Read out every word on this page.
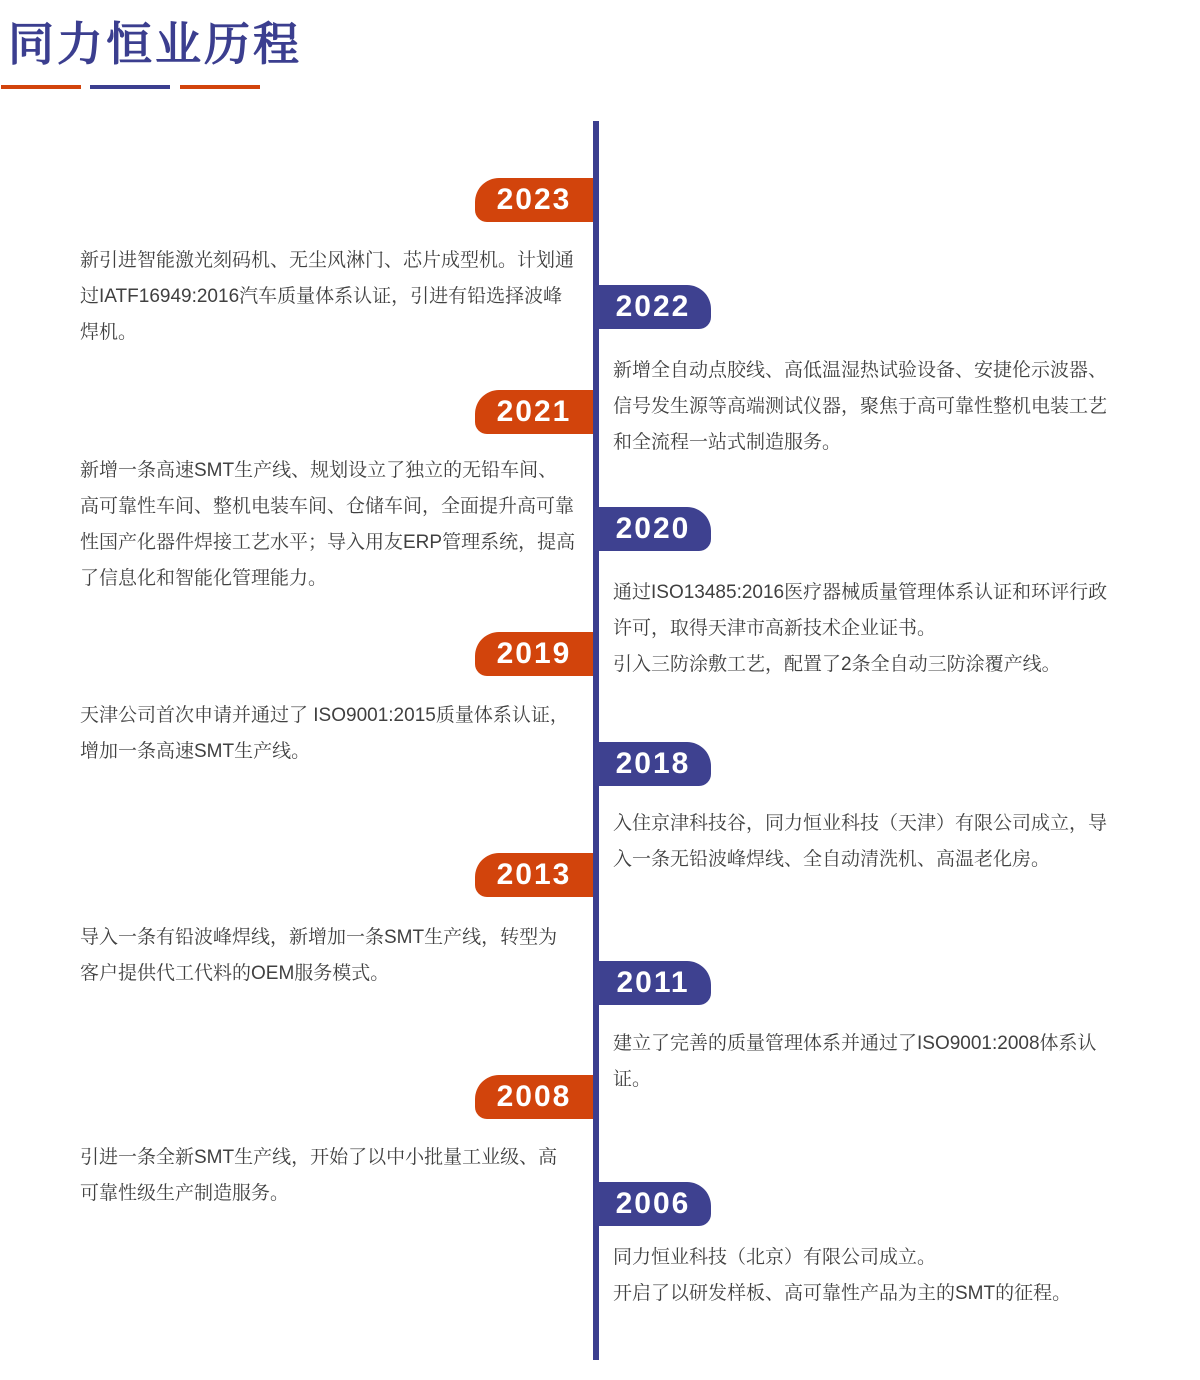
同力恒业历程
2023
新引进智能激光刻码机、无尘风淋门、芯片成型机。计划通过IATF16949:2016汽车质量体系认证，引进有铅选择波峰焊机。
2022
新增全自动点胶线、高低温湿热试验设备、安捷伦示波器、信号发生源等高端测试仪器，聚焦于高可靠性整机电装工艺和全流程一站式制造服务。
2021
新增一条高速SMT生产线、规划设立了独立的无铅车间、高可靠性车间、整机电装车间、仓储车间，全面提升高可靠性国产化器件焊接工艺水平；导入用友ERP管理系统，提高了信息化和智能化管理能力。
2020
通过ISO13485:2016医疗器械质量管理体系认证和环评行政许可，取得天津市高新技术企业证书。
引入三防涂敷工艺，配置了2条全自动三防涂覆产线。
2019
天津公司首次申请并通过了 ISO9001:2015质量体系认证，增加一条高速SMT生产线。	2018
入住京津科技谷，同力恒业科技（天津）有限公司成立，导入一条无铅波峰焊线、全自动清洗机、高温老化房。
2013
导入一条有铅波峰焊线，新增加一条SMT生产线，转型为客户提供代工代料的OEM服务模式。	2011
建立了完善的质量管理体系并通过了ISO9001:2008体系认证。
2008
引进一条全新SMT生产线，开始了以中小批量工业级、高可靠性级生产制造服务。	2006
同力恒业科技（北京）有限公司成立。
开启了以研发样板、高可靠性产品为主的SMT的征程。
